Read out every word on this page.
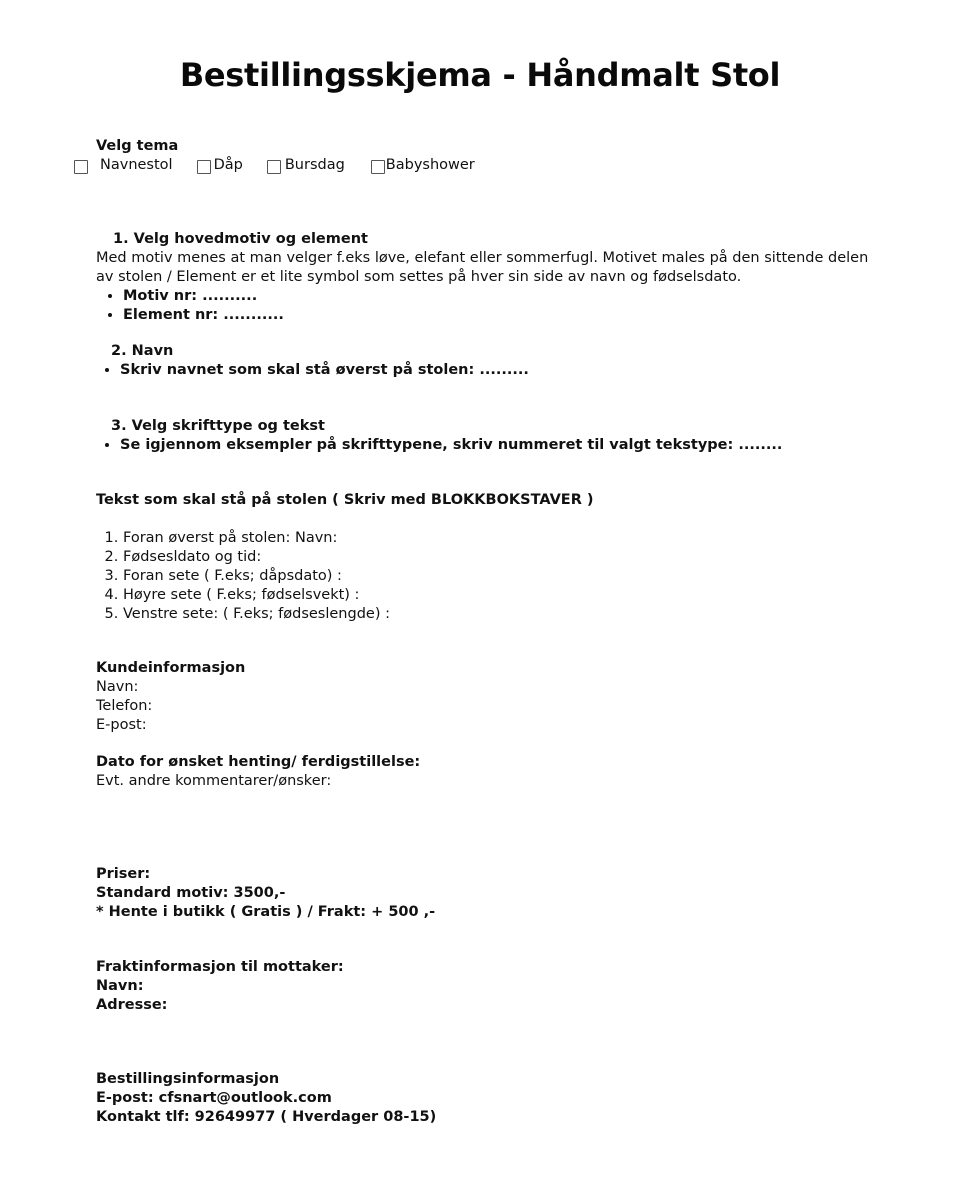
Bestillingsskjema - Håndmalt Stol
Velg tema
Navnestol	Dåp	Bursdag	Babyshower
1. Velg hovedmotiv og element
Med motiv menes at man velger f.eks løve, elefant eller sommerfugl. Motivet males på den sittende delen av stolen / Element er et lite symbol som settes på hver sin side av navn og fødselsdato.
• Motiv nr: ..........
• Element nr: ...........
2. Navn
• Skriv navnet som skal stå øverst på stolen: .........
3. Velg skrifttype og tekst
• Se igjennom eksempler på skrifttypene, skriv nummeret til valgt tekstype: ........
Tekst som skal stå på stolen ( Skriv med BLOKKBOKSTAVER )
1. Foran øverst på stolen: Navn:
2. Fødsesldato og tid:
3. Foran sete ( F.eks; dåpsdato) :
4. Høyre sete ( F.eks; fødselsvekt) :
5. Venstre sete: ( F.eks; fødseslengde) :
Kundeinformasjon
Navn:
Telefon:
E-post:
Dato for ønsket henting/ ferdigstillelse:
Evt. andre kommentarer/ønsker:
Priser:
Standard motiv: 3500,-
* Hente i butikk ( Gratis ) / Frakt: + 500 ,-
Fraktinformasjon til mottaker:
Navn:
Adresse:
Bestillingsinformasjon
E-post: cfsnart@outlook.com
Kontakt tlf: 92649977 ( Hverdager 08-15)
